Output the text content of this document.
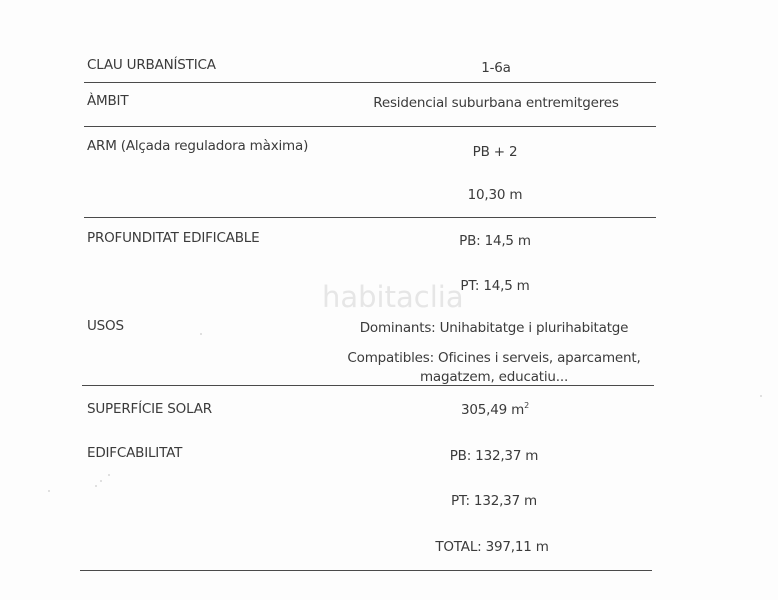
habitaclia
CLAU URBANÍSTICA	1-6a
ÀMBIT	Residencial suburbana entremitgeres
ARM (Alçada reguladora màxima)	PB + 2
10,30 m
PROFUNDITAT EDIFICABLE	PB: 14,5 m
PT: 14,5 m
USOS	Dominants: Unihabitatge i plurihabitatge
Compatibles: Oficines i serveis, aparcament,
magatzem, educatiu...
SUPERFÍCIE SOLAR	305,49 $m^2$
EDIFCABILITAT	PB: 132,37 m
PT: 132,37 m
TOTAL: 397,11 m
